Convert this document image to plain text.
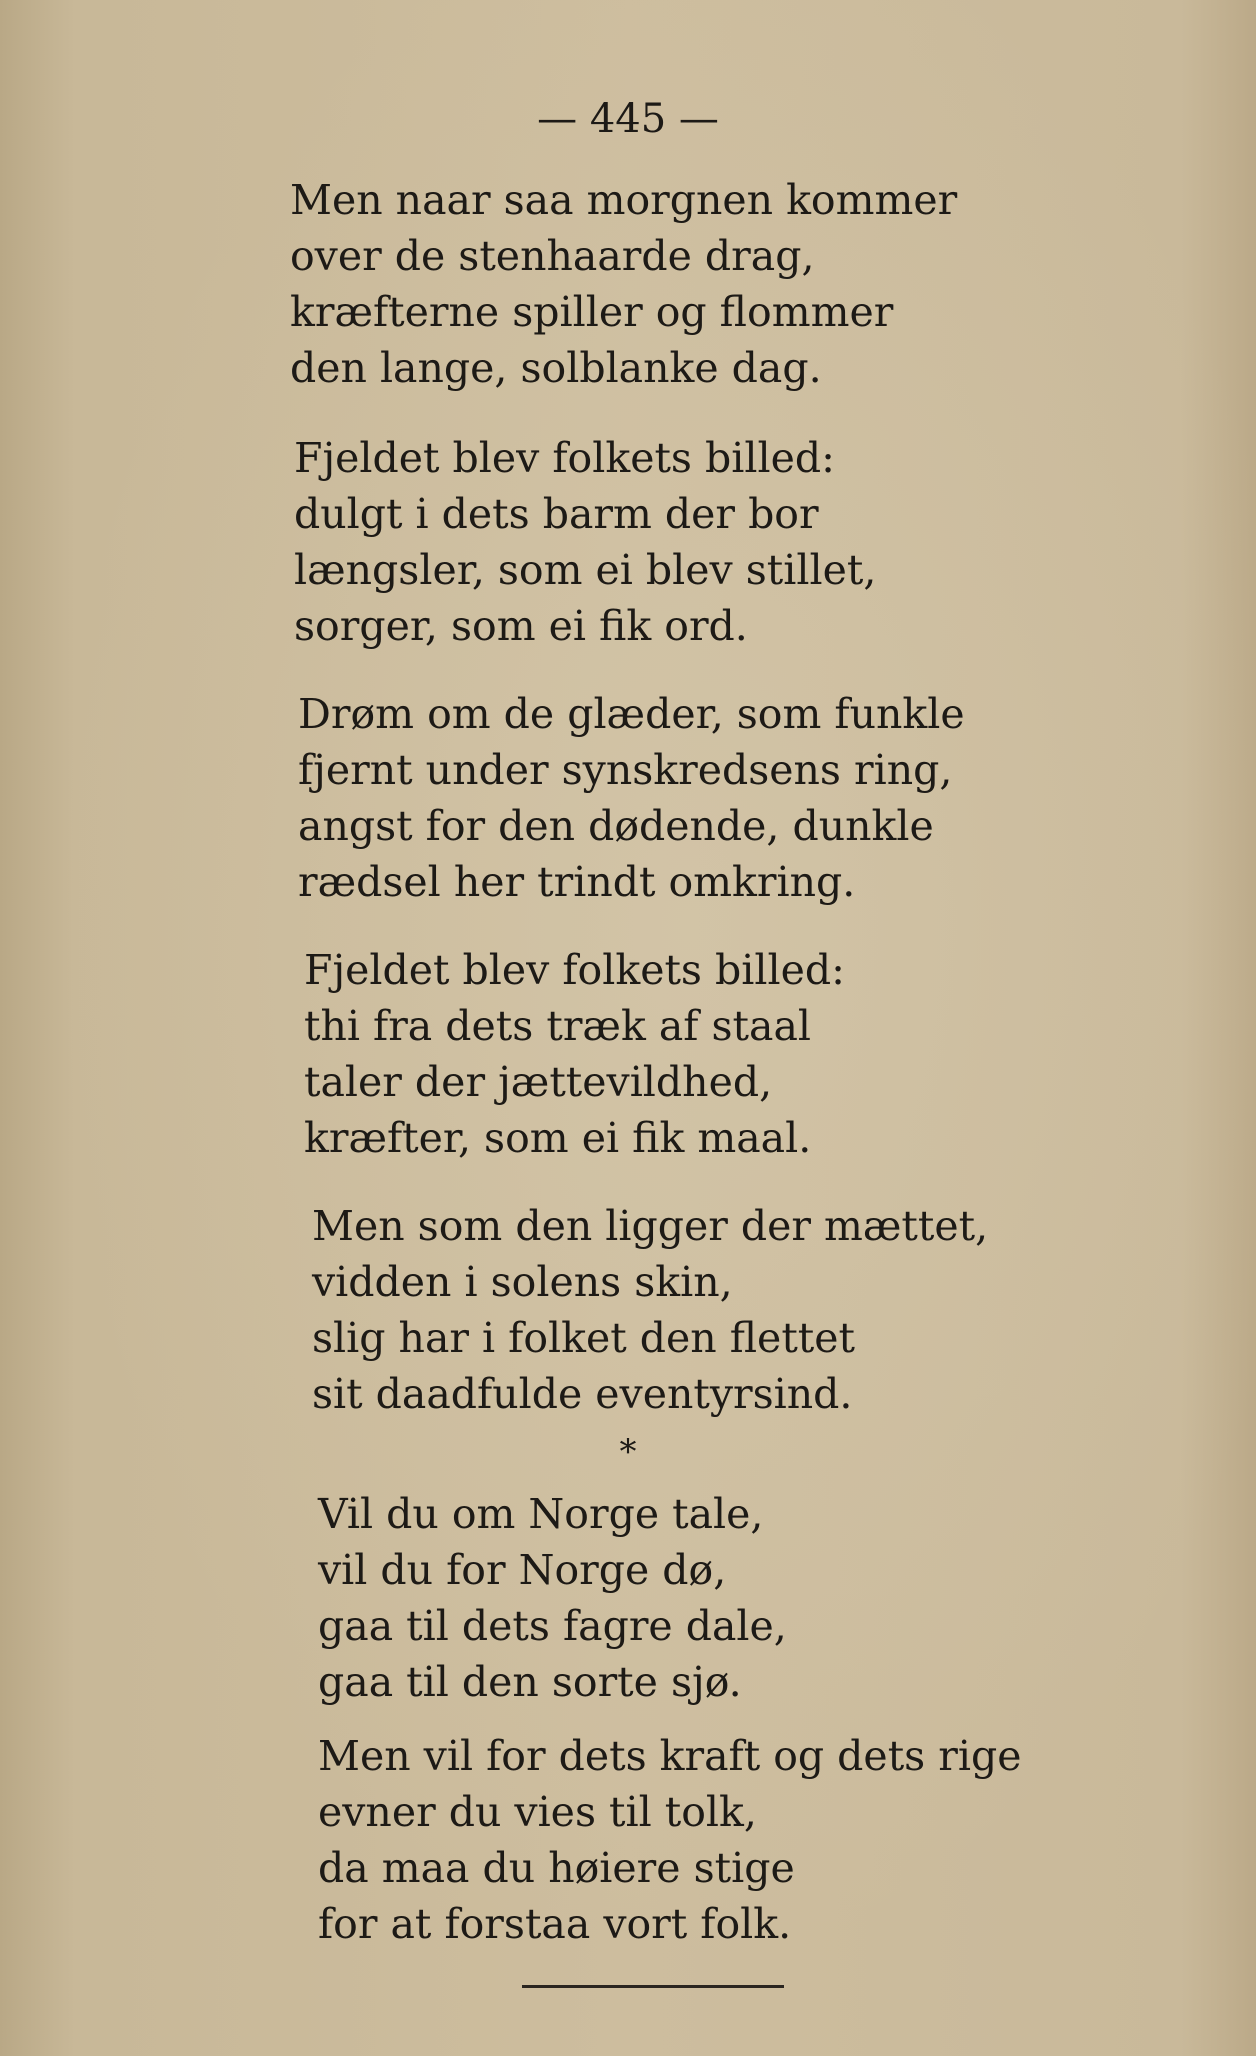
— 445 —
Men naar saa morgnen kommer
over de stenhaarde drag,
kræfterne spiller og flommer
den lange, solblanke dag.
Fjeldet blev folkets billed:
dulgt i dets barm der bor
længsler, som ei blev stillet,
sorger, som ei fik ord.
Drøm om de glæder, som funkle
fjernt under synskredsens ring,
angst for den dødende, dunkle
rædsel her trindt omkring.
Fjeldet blev folkets billed:
thi fra dets træk af staal
taler der jættevildhed,
kræfter, som ei fik maal.
Men som den ligger der mættet,
vidden i solens skin,
slig har i folket den flettet
sit daadfulde eventyrsind.
*
Vil du om Norge tale,
vil du for Norge dø,
gaa til dets fagre dale,
gaa til den sorte sjø.
Men vil for dets kraft og dets rige
evner du vies til tolk,
da maa du høiere stige
for at forstaa vort folk.
